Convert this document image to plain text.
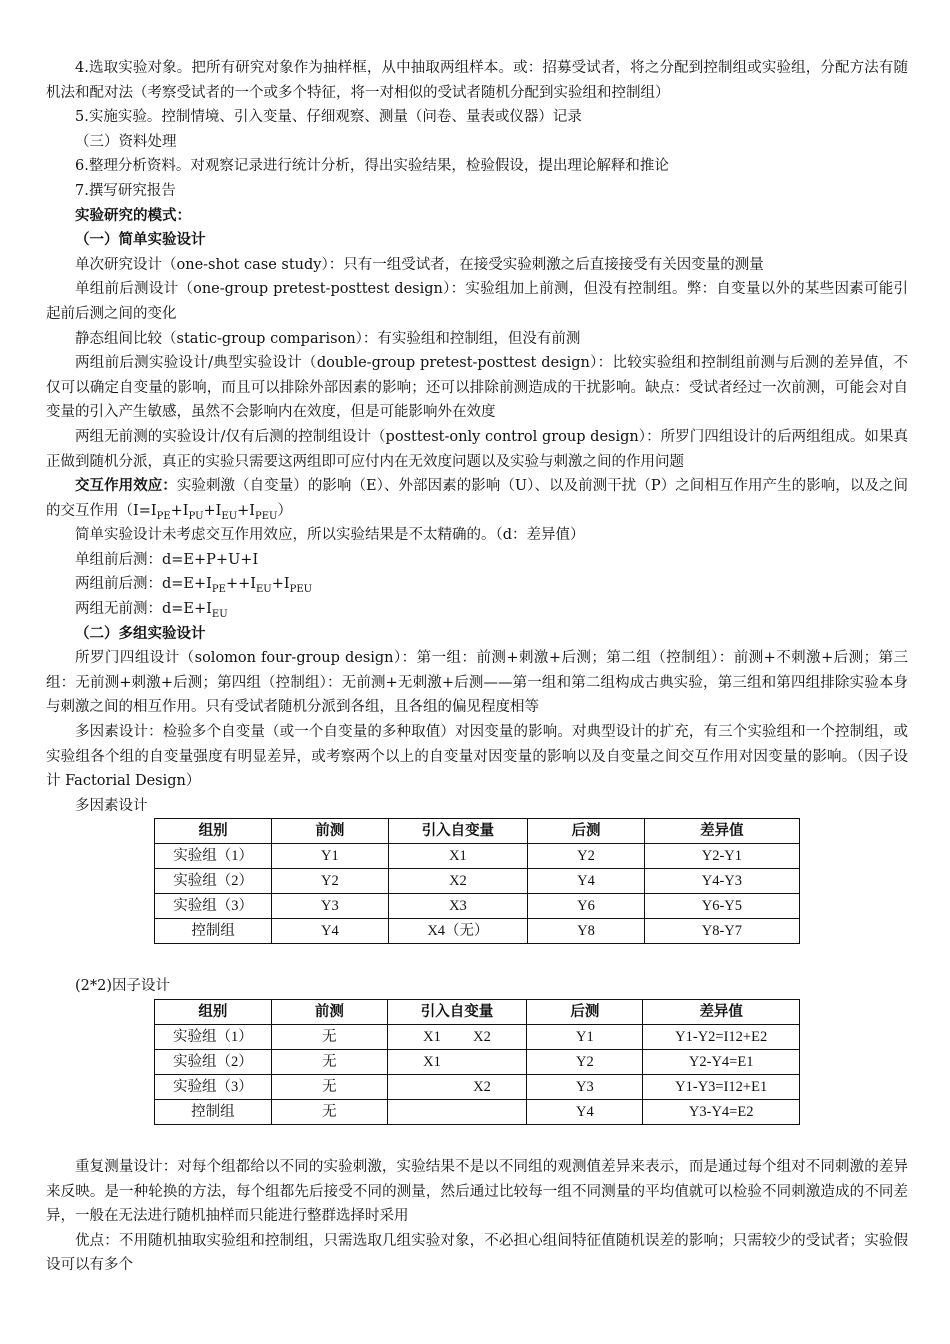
4.选取实验对象。把所有研究对象作为抽样框，从中抽取两组样本。或：招募受试者，将之分配到控制组或实验组，分配方法有随机法和配对法（考察受试者的一个或多个特征，将一对相似的受试者随机分配到实验组和控制组）

5.实施实验。控制情境、引入变量、仔细观察、测量（问卷、量表或仪器）记录

（三）资料处理

6.整理分析资料。对观察记录进行统计分析，得出实验结果，检验假设，提出理论解释和推论

7.撰写研究报告

实验研究的模式：

（一）简单实验设计

单次研究设计（one-shot case study）：只有一组受试者，在接受实验刺激之后直接接受有关因变量的测量

单组前后测设计（one-group pretest-posttest design）：实验组加上前测，但没有控制组。弊：自变量以外的某些因素可能引起前后测之间的变化

静态组间比较（static-group comparison）：有实验组和控制组，但没有前测

两组前后测实验设计/典型实验设计（double-group pretest-posttest design）：比较实验组和控制组前测与后测的差异值，不仅可以确定自变量的影响，而且可以排除外部因素的影响；还可以排除前测造成的干扰影响。缺点：受试者经过一次前测，可能会对自变量的引入产生敏感，虽然不会影响内在效度，但是可能影响外在效度

两组无前测的实验设计/仅有后测的控制组设计（posttest-only control group design）：所罗门四组设计的后两组组成。如果真正做到随机分派，真正的实验只需要这两组即可应付内在无效度问题以及实验与刺激之间的作用问题

交互作用效应：实验刺激（自变量）的影响（E）、外部因素的影响（U）、以及前测干扰（P）之间相互作用产生的影响，以及之间的交互作用$(I=I_{PE}+I_{PU}+I_{EU}+I_{PEU})$

简单实验设计未考虑交互作用效应，所以实验结果是不太精确的。（d：差异值）

单组前后测：d=E+P+U+I

两组前后测：$d=E+I_{PE}++I_{EU}+I_{PEU}$

两组无前测：$d=E+I_{EU}$

（二）多组实验设计

所罗门四组设计（solomon four-group design）：第一组：前测+刺激+后测；第二组（控制组）：前测+不刺激+后测；第三组：无前测+刺激+后测；第四组（控制组）：无前测+无刺激+后测——第一组和第二组构成古典实验，第三组和第四组排除实验本身与刺激之间的相互作用。只有受试者随机分派到各组，且各组的偏见程度相等

多因素设计：检验多个自变量（或一个自变量的多种取值）对因变量的影响。对典型设计的扩充，有三个实验组和一个控制组，或实验组各个组的自变量强度有明显差异，或考察两个以上的自变量对因变量的影响以及自变量之间交互作用对因变量的影响。（因子设计 Factorial Design）

多因素设计

组别	前测	引入自变量	后测	差异值
实验组（1）	Y1	X1	Y2	Y2-Y1
实验组（2）	Y2	X2	Y4	Y4-Y3
实验组（3）	Y3	X3	Y6	Y6-Y5
控制组	Y4	X4（无）	Y8	Y8-Y7

(2*2)因子设计

组别	前测	引入自变量	后测	差异值
实验组（1）	无	X1 X2	Y1	Y1-Y2=I12+E2
实验组（2）	无	X1	Y2	Y2-Y4=E1
实验组（3）	无	X2	Y3	Y1-Y3=I12+E1
控制组	无		Y4	Y3-Y4=E2

重复测量设计：对每个组都给以不同的实验刺激，实验结果不是以不同组的观测值差异来表示，而是通过每个组对不同刺激的差异来反映。是一种轮换的方法，每个组都先后接受不同的测量，然后通过比较每一组不同测量的平均值就可以检验不同刺激造成的不同差异，一般在无法进行随机抽样而只能进行整群选择时采用

优点：不用随机抽取实验组和控制组，只需选取几组实验对象，不必担心组间特征值随机误差的影响；只需较少的受试者；实验假设可以有多个
